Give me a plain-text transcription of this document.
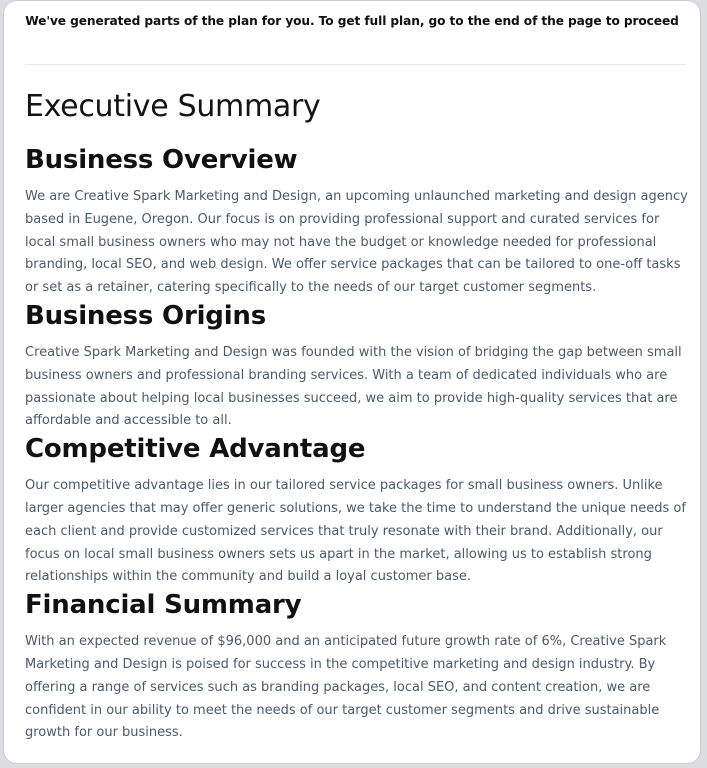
We've generated parts of the plan for you. To get full plan, go to the end of the page to proceed
Executive Summary
Business Overview

We are Creative Spark Marketing and Design, an upcoming unlaunched marketing and design agency based in Eugene, Oregon. Our focus is on providing professional support and curated services for local small business owners who may not have the budget or knowledge needed for professional branding, local SEO, and web design. We offer service packages that can be tailored to one-off tasks or set as a retainer, catering specifically to the needs of our target customer segments.

Business Origins

Creative Spark Marketing and Design was founded with the vision of bridging the gap between small business owners and professional branding services. With a team of dedicated individuals who are passionate about helping local businesses succeed, we aim to provide high-quality services that are affordable and accessible to all.

Competitive Advantage

Our competitive advantage lies in our tailored service packages for small business owners. Unlike larger agencies that may offer generic solutions, we take the time to understand the unique needs of each client and provide customized services that truly resonate with their brand. Additionally, our focus on local small business owners sets us apart in the market, allowing us to establish strong relationships within the community and build a loyal customer base.

Financial Summary

With an expected revenue of $96,000 and an anticipated future growth rate of 6%, Creative Spark Marketing and Design is poised for success in the competitive marketing and design industry. By offering a range of services such as branding packages, local SEO, and content creation, we are confident in our ability to meet the needs of our target customer segments and drive sustainable growth for our business.
